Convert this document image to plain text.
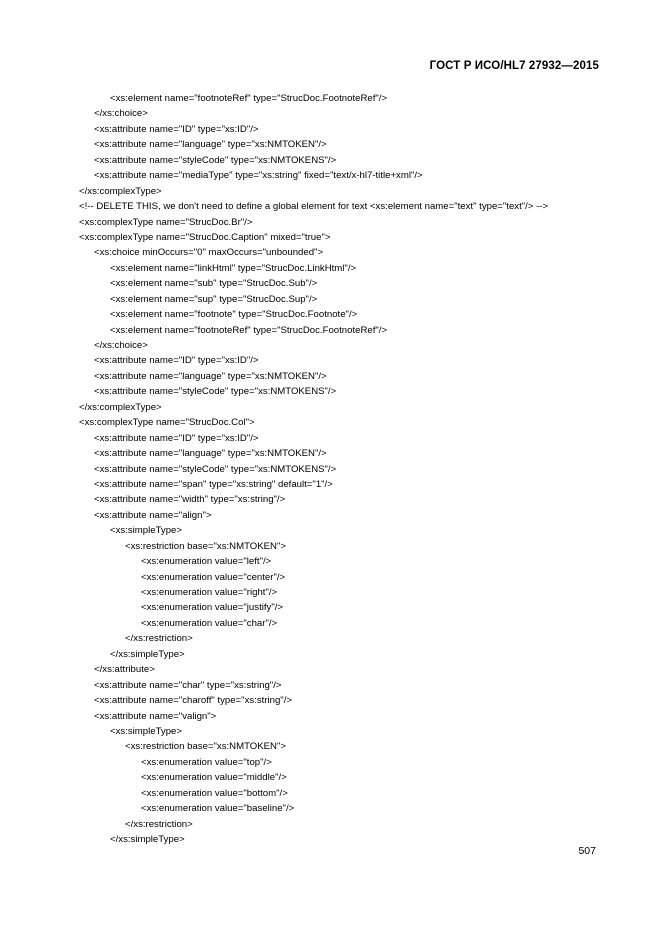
ГОСТ Р ИСО/HL7 27932—2015
<xs:element name="footnoteRef" type="StrucDoc.FootnoteRef"/>
</xs:choice>
<xs:attribute name="ID" type="xs:ID"/>
<xs:attribute name="language" type="xs:NMTOKEN"/>
<xs:attribute name="styleCode" type="xs:NMTOKENS"/>
<xs:attribute name="mediaType" type="xs:string" fixed="text/x-hl7-title+xml"/>
</xs:complexType>
<!-- DELETE THIS, we don't need to define a global element for text <xs:element name="text" type="text"/> -->
<xs:complexType name="StrucDoc.Br"/>
<xs:complexType name="StrucDoc.Caption" mixed="true">
<xs:choice minOccurs="0" maxOccurs="unbounded">
<xs:element name="linkHtml" type="StrucDoc.LinkHtml"/>
<xs:element name="sub" type="StrucDoc.Sub"/>
<xs:element name="sup" type="StrucDoc.Sup"/>
<xs:element name="footnote" type="StrucDoc.Footnote"/>
<xs:element name="footnoteRef" type="StrucDoc.FootnoteRef"/>
</xs:choice>
<xs:attribute name="ID" type="xs:ID"/>
<xs:attribute name="language" type="xs:NMTOKEN"/>
<xs:attribute name="styleCode" type="xs:NMTOKENS"/>
</xs:complexType>
<xs:complexType name="StrucDoc.Col">
<xs:attribute name="ID" type="xs:ID"/>
<xs:attribute name="language" type="xs:NMTOKEN"/>
<xs:attribute name="styleCode" type="xs:NMTOKENS"/>
<xs:attribute name="span" type="xs:string" default="1"/>
<xs:attribute name="width" type="xs:string"/>
<xs:attribute name="align">
<xs:simpleType>
<xs:restriction base="xs:NMTOKEN">
<xs:enumeration value="left"/>
<xs:enumeration value="center"/>
<xs:enumeration value="right"/>
<xs:enumeration value="justify"/>
<xs:enumeration value="char"/>
</xs:restriction>
</xs:simpleType>
</xs:attribute>
<xs:attribute name="char" type="xs:string"/>
<xs:attribute name="charoff" type="xs:string"/>
<xs:attribute name="valign">
<xs:simpleType>
<xs:restriction base="xs:NMTOKEN">
<xs:enumeration value="top"/>
<xs:enumeration value="middle"/>
<xs:enumeration value="bottom"/>
<xs:enumeration value="baseline"/>
</xs:restriction>
</xs:simpleType>
507
